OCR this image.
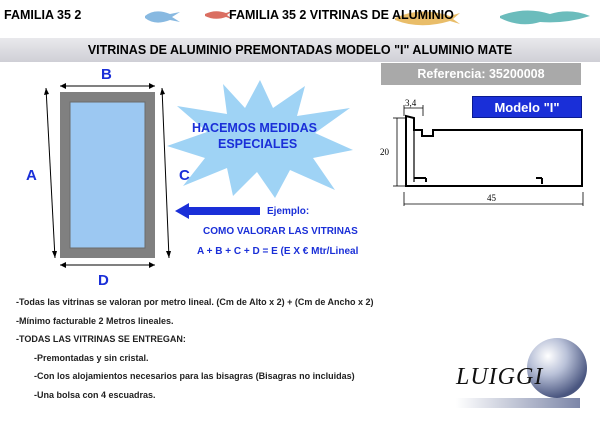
FAMILIA 35 2	FAMILIA 35 2 VITRINAS DE ALUMINIO
VITRINAS DE ALUMINIO PREMONTADAS MODELO "I" ALUMINIO MATE
Referencia: 35200008
B
A	C
D
HACEMOS MEDIDAS
ESPECIALES
Ejemplo:
COMO VALORAR LAS VITRINAS
A + B + C + D = E (E X € Mtr/Lineal
Modelo "I"
3,4
20
45
-Todas las vitrinas se valoran por metro lineal. (Cm de Alto x 2) + (Cm de Ancho x 2)
-Mínimo facturable 2 Metros lineales.
-TODAS LAS VITRINAS SE ENTREGAN:
-Premontadas y sin cristal.
-Con los alojamientos necesarios para las bisagras (Bisagras no incluidas)
-Una bolsa con 4 escuadras.
LUIGGI
